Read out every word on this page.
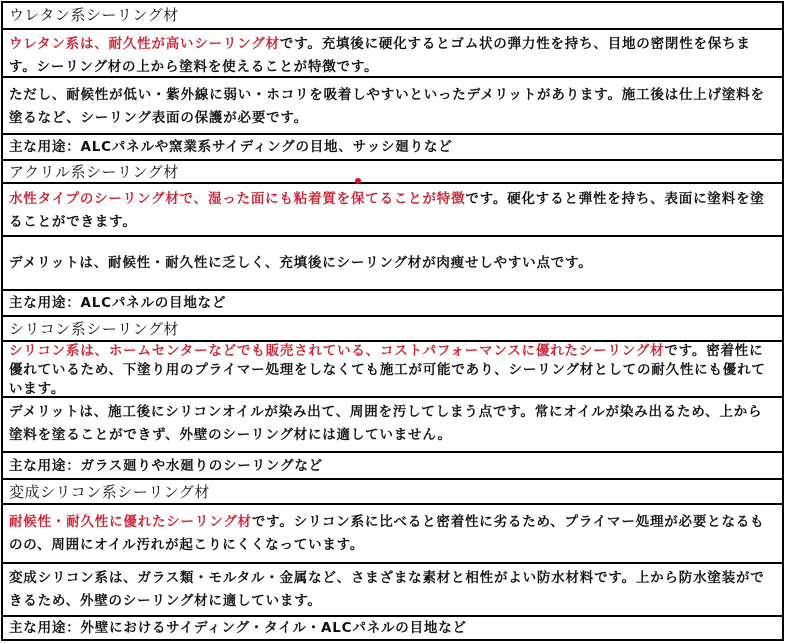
ウレタン系シーリング材
ウレタン系は、耐久性が高いシーリング材です。充填後に硬化するとゴム状の弾力性を持ち、目地の密閉性を保ちます。シーリング材の上から塗料を使えることが特徴です。
ただし、耐候性が低い・紫外線に弱い・ホコリを吸着しやすいといったデメリットがあります。施工後は仕上げ塗料を塗るなど、シーリング表面の保護が必要です。
主な用途：ALCパネルや窯業系サイディングの目地、サッシ廻りなど
アクリル系シーリング材
水性タイプのシーリング材で、湿った面にも粘着質を保てることが特徴です。硬化すると弾性を持ち、表面に塗料を塗ることができます。
デメリットは、耐候性・耐久性に乏しく、充填後にシーリング材が肉痩せしやすい点です。
主な用途：ALCパネルの目地など
シリコン系シーリング材
シリコン系は、ホームセンターなどでも販売されている、コストパフォーマンスに優れたシーリング材です。密着性に優れているため、下塗り用のプライマー処理をしなくても施工が可能であり、シーリング材としての耐久性にも優れています。
デメリットは、施工後にシリコンオイルが染み出て、周囲を汚してしまう点です。常にオイルが染み出るため、上から塗料を塗ることができず、外壁のシーリング材には適していません。
主な用途：ガラス廻りや水廻りのシーリングなど
変成シリコン系シーリング材
耐候性・耐久性に優れたシーリング材です。シリコン系に比べると密着性に劣るため、プライマー処理が必要となるものの、周囲にオイル汚れが起こりにくくなっています。
変成シリコン系は、ガラス類・モルタル・金属など、さまざまな素材と相性がよい防水材料です。上から防水塗装ができるため、外壁のシーリング材に適しています。
主な用途：外壁におけるサイディング・タイル・ALCパネルの目地など
